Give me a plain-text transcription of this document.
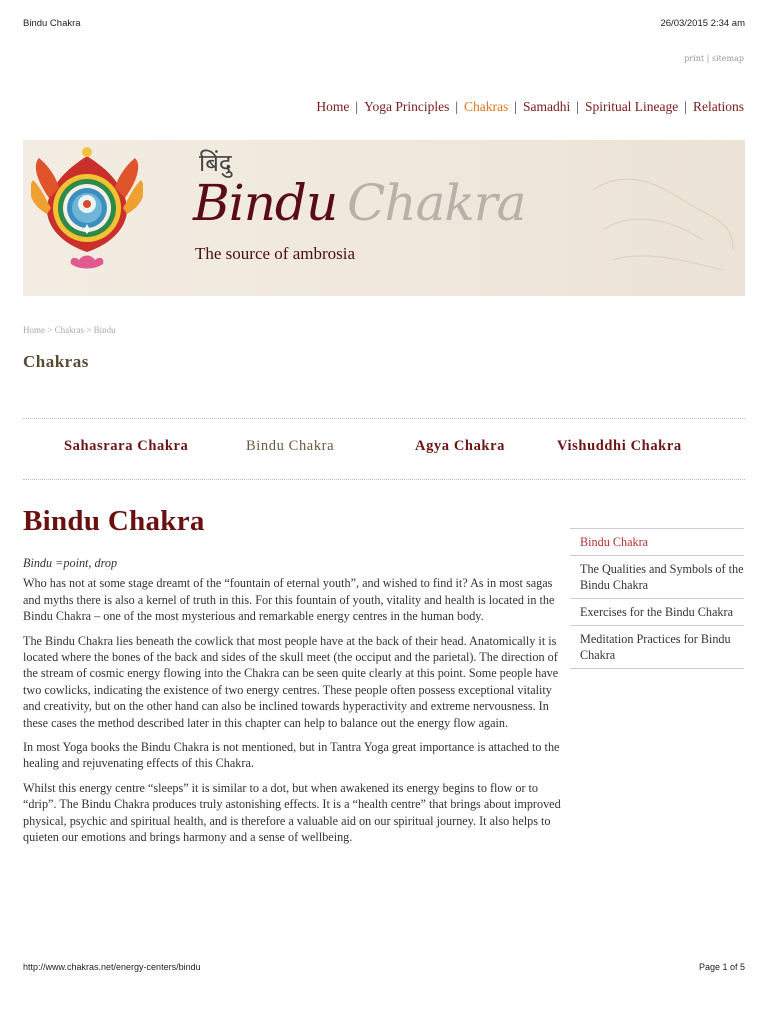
Bindu Chakra	26/03/2015 2:34 am
print | sitemap
Home | Yoga Principles | Chakras | Samadhi | Spiritual Lineage | Relations
बिंदु
Bindu Chakra
The source of ambrosia
Home > Chakras > Bindu
Chakras
Sahasrara Chakra	Bindu Chakra	Agya Chakra	Vishuddhi Chakra
Bindu Chakra

Bindu =point, drop

Who has not at some stage dreamt of the “fountain of eternal youth”, and wished to find it? As in most sagas and myths there is also a kernel of truth in this. For this fountain of youth, vitality and health is located in the Bindu Chakra – one of the most mysterious and remarkable energy centres in the human body.

The Bindu Chakra lies beneath the cowlick that most people have at the back of their head. Anatomically it is located where the bones of the back and sides of the skull meet (the occiput and the parietal). The direction of the stream of cosmic energy flowing into the Chakra can be seen quite clearly at this point. Some people have two cowlicks, indicating the existence of two energy centres. These people often possess exceptional vitality and creativity, but on the other hand can also be inclined towards hyperactivity and extreme nervousness. In these cases the method described later in this chapter can help to balance out the energy flow again.

In most Yoga books the Bindu Chakra is not mentioned, but in Tantra Yoga great importance is attached to the healing and rejuvenating effects of this Chakra.

Whilst this energy centre “sleeps” it is similar to a dot, but when awakened its energy begins to flow or to “drip”. The Bindu Chakra produces truly astonishing effects. It is a “health centre” that brings about improved physical, psychic and spiritual health, and is therefore a valuable aid on our spiritual journey. It also helps to quieten our emotions and brings harmony and a sense of wellbeing.

Bindu Chakra
The Qualities and Symbols of the Bindu Chakra
Exercises for the Bindu Chakra
Meditation Practices for Bindu Chakra
http://www.chakras.net/energy-centers/bindu	Page 1 of 5
